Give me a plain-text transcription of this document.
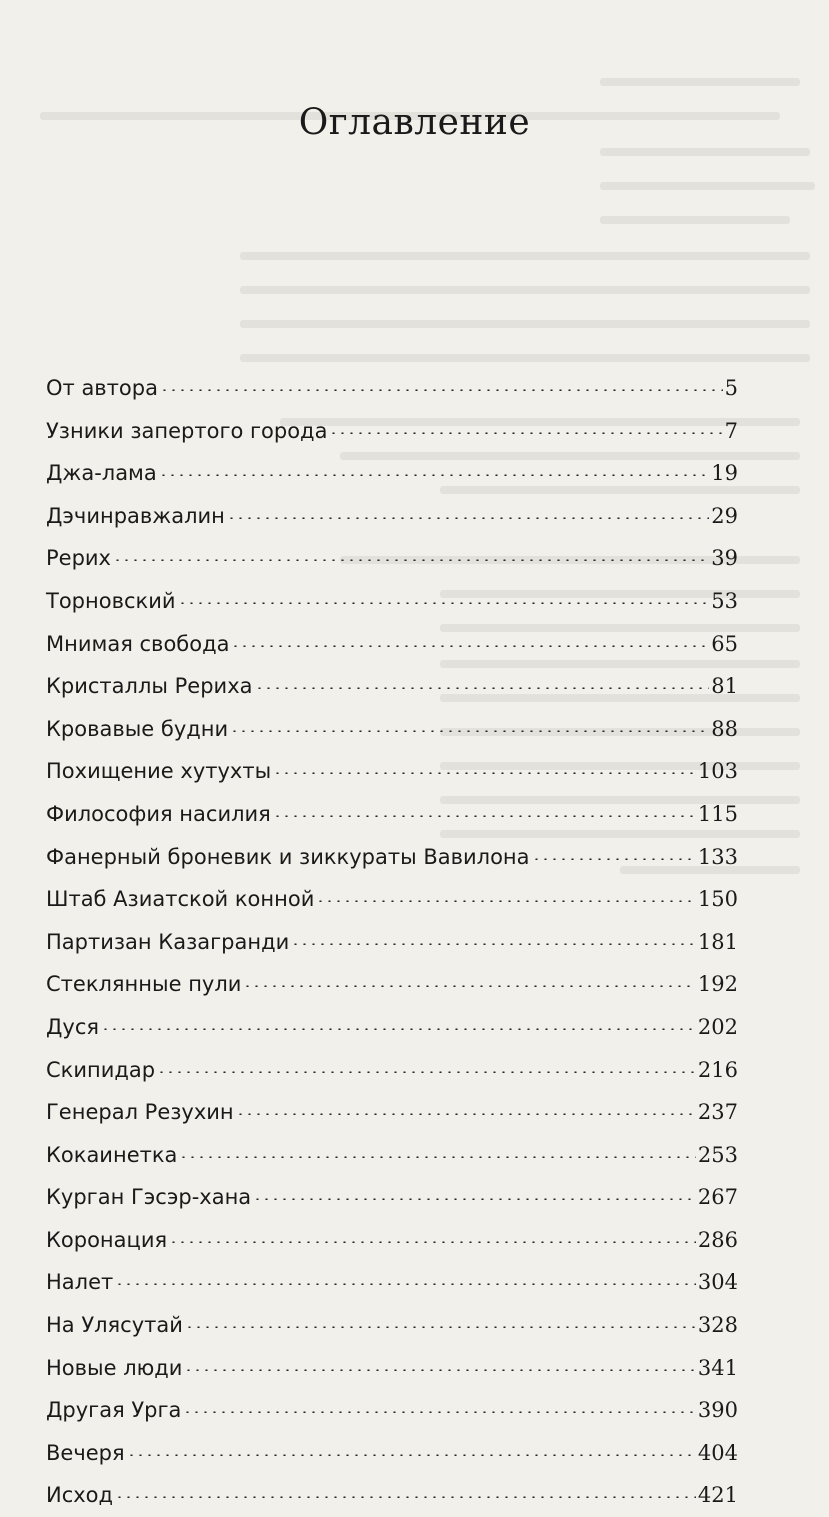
Оглавление
От автора	5
Узники запертого города	7
Джа-лама	19
Дэчинравжалин	29
Рерих	39
Торновский	53
Мнимая свобода	65
Кристаллы Рериха	81
Кровавые будни	88
Похищение хутухты	103
Философия насилия	115
Фанерный броневик и зиккураты Вавилона	133
Штаб Азиатской конной	150
Партизан Казагранди	181
Стеклянные пули	192
Дуся	202
Скипидар	216
Генерал Резухин	237
Кокаинетка	253
Курган Гэсэр-хана	267
Коронация	286
Налет	304
На Улясутай	328
Новые люди	341
Другая Урга	390
Вечеря	404
Исход	421
